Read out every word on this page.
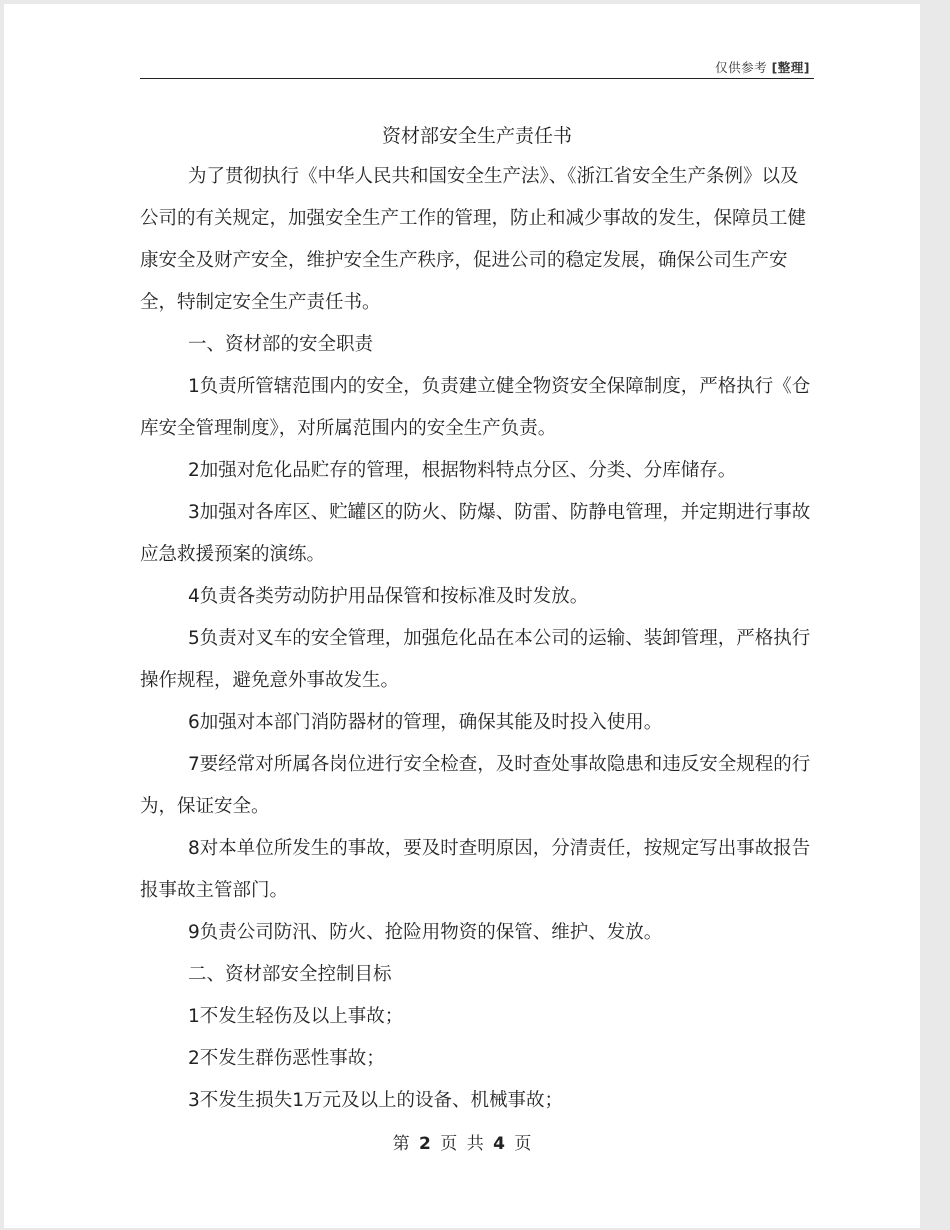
仅供参考 [整理]
资材部安全生产责任书

为了贯彻执行《中华人民共和国安全生产法》、《浙江省安全生产条例》以及公司的有关规定，加强安全生产工作的管理，防止和减少事故的发生，保障员工健康安全及财产安全，维护安全生产秩序，促进公司的稳定发展，确保公司生产安全，特制定安全生产责任书。

一、资材部的安全职责

1负责所管辖范围内的安全，负责建立健全物资安全保障制度，严格执行《仓库安全管理制度》，对所属范围内的安全生产负责。

2加强对危化品贮存的管理，根据物料特点分区、分类、分库储存。

3加强对各库区、贮罐区的防火、防爆、防雷、防静电管理，并定期进行事故应急救援预案的演练。

4负责各类劳动防护用品保管和按标准及时发放。

5负责对叉车的安全管理，加强危化品在本公司的运输、装卸管理，严格执行操作规程，避免意外事故发生。

6加强对本部门消防器材的管理，确保其能及时投入使用。

7要经常对所属各岗位进行安全检查，及时查处事故隐患和违反安全规程的行为，保证安全。

8对本单位所发生的事故，要及时查明原因，分清责任，按规定写出事故报告报事故主管部门。

9负责公司防汛、防火、抢险用物资的保管、维护、发放。

二、资材部安全控制目标

1不发生轻伤及以上事故；

2不发生群伤恶性事故；

3不发生损失1万元及以上的设备、机械事故；

第 2 页 共 4 页
